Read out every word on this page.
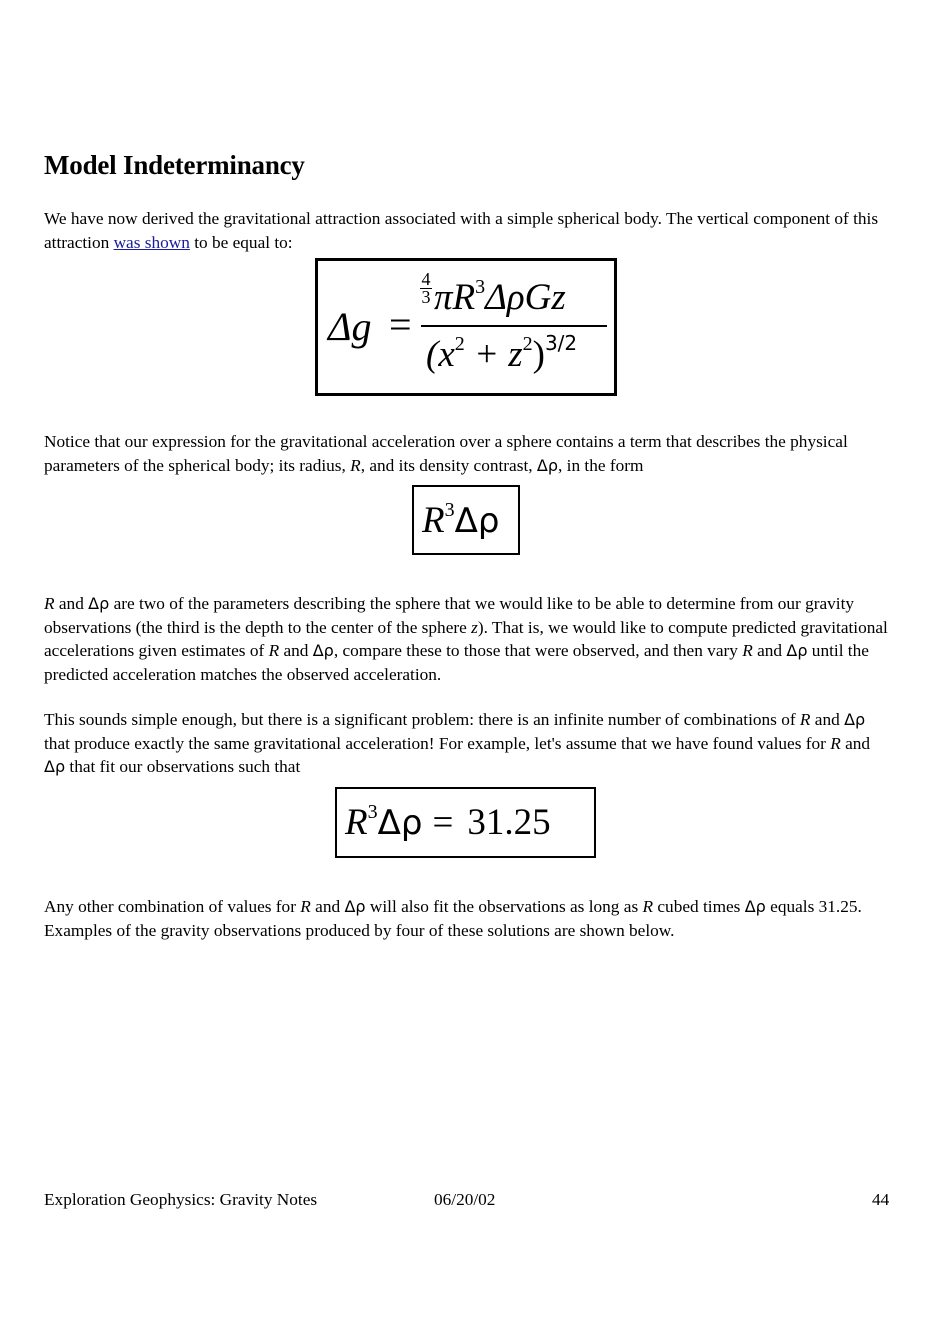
Model Indeterminancy

We have now derived the gravitational attraction associated with a simple spherical body. The vertical component of this attraction was shown to be equal to:

Δg =
$\frac{4}{3}\pi R^3\Delta\rho Gz$
$(x^2 + z^2)^{3/2}$

Notice that our expression for the gravitational acceleration over a sphere contains a term that describes the physical parameters of the spherical body; its radius, R, and its density contrast, Δρ, in the form

$R^3\Delta\rho$

R and Δρ are two of the parameters describing the sphere that we would like to be able to determine from our gravity observations (the third is the depth to the center of the sphere z). That is, we would like to compute predicted gravitational accelerations given estimates of R and Δρ, compare these to those that were observed, and then vary R and Δρ until the predicted acceleration matches the observed acceleration.

This sounds simple enough, but there is a significant problem: there is an infinite number of combinations of R and Δρ that produce exactly the same gravitational acceleration! For example, let's assume that we have found values for R and Δρ that fit our observations such that

$R^3\Delta\rho = 31.25$

Any other combination of values for R and Δρ will also fit the observations as long as R cubed times Δρ equals 31.25. Examples of the gravity observations produced by four of these solutions are shown below.

Exploration Geophysics: Gravity Notes	06/20/02	44
